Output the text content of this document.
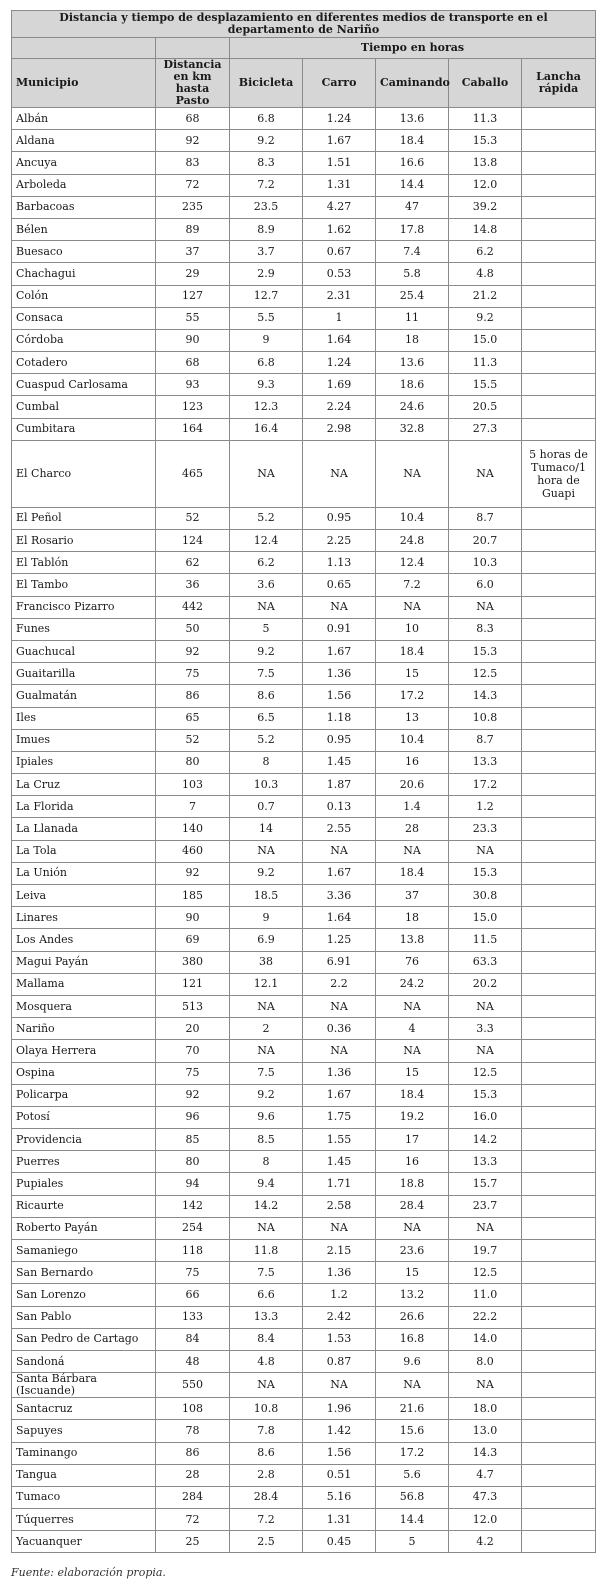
Distancia y tiempo de desplazamiento en diferentes medios de transporte en el departamento de Nariño						
		Tiempo en horas				
Municipio	Distancia en km hasta Pasto	Bicicleta	Carro	Caminando	Caballo	Lancha rápida
Albán	68	6.8	1.24	13.6	11.3	
Aldana	92	9.2	1.67	18.4	15.3	
Ancuya	83	8.3	1.51	16.6	13.8	
Arboleda	72	7.2	1.31	14.4	12.0	
Barbacoas	235	23.5	4.27	47	39.2	
Bélen	89	8.9	1.62	17.8	14.8	
Buesaco	37	3.7	0.67	7.4	6.2	
Chachagui	29	2.9	0.53	5.8	4.8	
Colón	127	12.7	2.31	25.4	21.2	
Consaca	55	5.5	1	11	9.2	
Córdoba	90	9	1.64	18	15.0	
Cotadero	68	6.8	1.24	13.6	11.3	
Cuaspud Carlosama	93	9.3	1.69	18.6	15.5	
Cumbal	123	12.3	2.24	24.6	20.5	
Cumbitara	164	16.4	2.98	32.8	27.3	
El Charco	465	NA	NA	NA	NA	5 horas de Tumaco/1 hora de Guapi
El Peñol	52	5.2	0.95	10.4	8.7	
El Rosario	124	12.4	2.25	24.8	20.7	
El Tablón	62	6.2	1.13	12.4	10.3	
El Tambo	36	3.6	0.65	7.2	6.0	
Francisco Pizarro	442	NA	NA	NA	NA	
Funes	50	5	0.91	10	8.3	
Guachucal	92	9.2	1.67	18.4	15.3	
Guaitarilla	75	7.5	1.36	15	12.5	
Gualmatán	86	8.6	1.56	17.2	14.3	
Iles	65	6.5	1.18	13	10.8	
Imues	52	5.2	0.95	10.4	8.7	
Ipiales	80	8	1.45	16	13.3	
La Cruz	103	10.3	1.87	20.6	17.2	
La Florida	7	0.7	0.13	1.4	1.2	
La Llanada	140	14	2.55	28	23.3	
La Tola	460	NA	NA	NA	NA	
La Unión	92	9.2	1.67	18.4	15.3	
Leiva	185	18.5	3.36	37	30.8	
Linares	90	9	1.64	18	15.0	
Los Andes	69	6.9	1.25	13.8	11.5	
Magui Payán	380	38	6.91	76	63.3	
Mallama	121	12.1	2.2	24.2	20.2	
Mosquera	513	NA	NA	NA	NA	
Nariño	20	2	0.36	4	3.3	
Olaya Herrera	70	NA	NA	NA	NA	
Ospina	75	7.5	1.36	15	12.5	
Policarpa	92	9.2	1.67	18.4	15.3	
Potosí	96	9.6	1.75	19.2	16.0	
Providencia	85	8.5	1.55	17	14.2	
Puerres	80	8	1.45	16	13.3	
Pupiales	94	9.4	1.71	18.8	15.7	
Ricaurte	142	14.2	2.58	28.4	23.7	
Roberto Payán	254	NA	NA	NA	NA	
Samaniego	118	11.8	2.15	23.6	19.7	
San Bernardo	75	7.5	1.36	15	12.5	
San Lorenzo	66	6.6	1.2	13.2	11.0	
San Pablo	133	13.3	2.42	26.6	22.2	
San Pedro de Cartago	84	8.4	1.53	16.8	14.0	
Sandoná	48	4.8	0.87	9.6	8.0	
Santa Bárbara (Iscuande)	550	NA	NA	NA	NA	
Santacruz	108	10.8	1.96	21.6	18.0	
Sapuyes	78	7.8	1.42	15.6	13.0	
Taminango	86	8.6	1.56	17.2	14.3	
Tangua	28	2.8	0.51	5.6	4.7	
Tumaco	284	28.4	5.16	56.8	47.3	
Túquerres	72	7.2	1.31	14.4	12.0	
Yacuanquer	25	2.5	0.45	5	4.2	
Fuente: elaboración propia.
